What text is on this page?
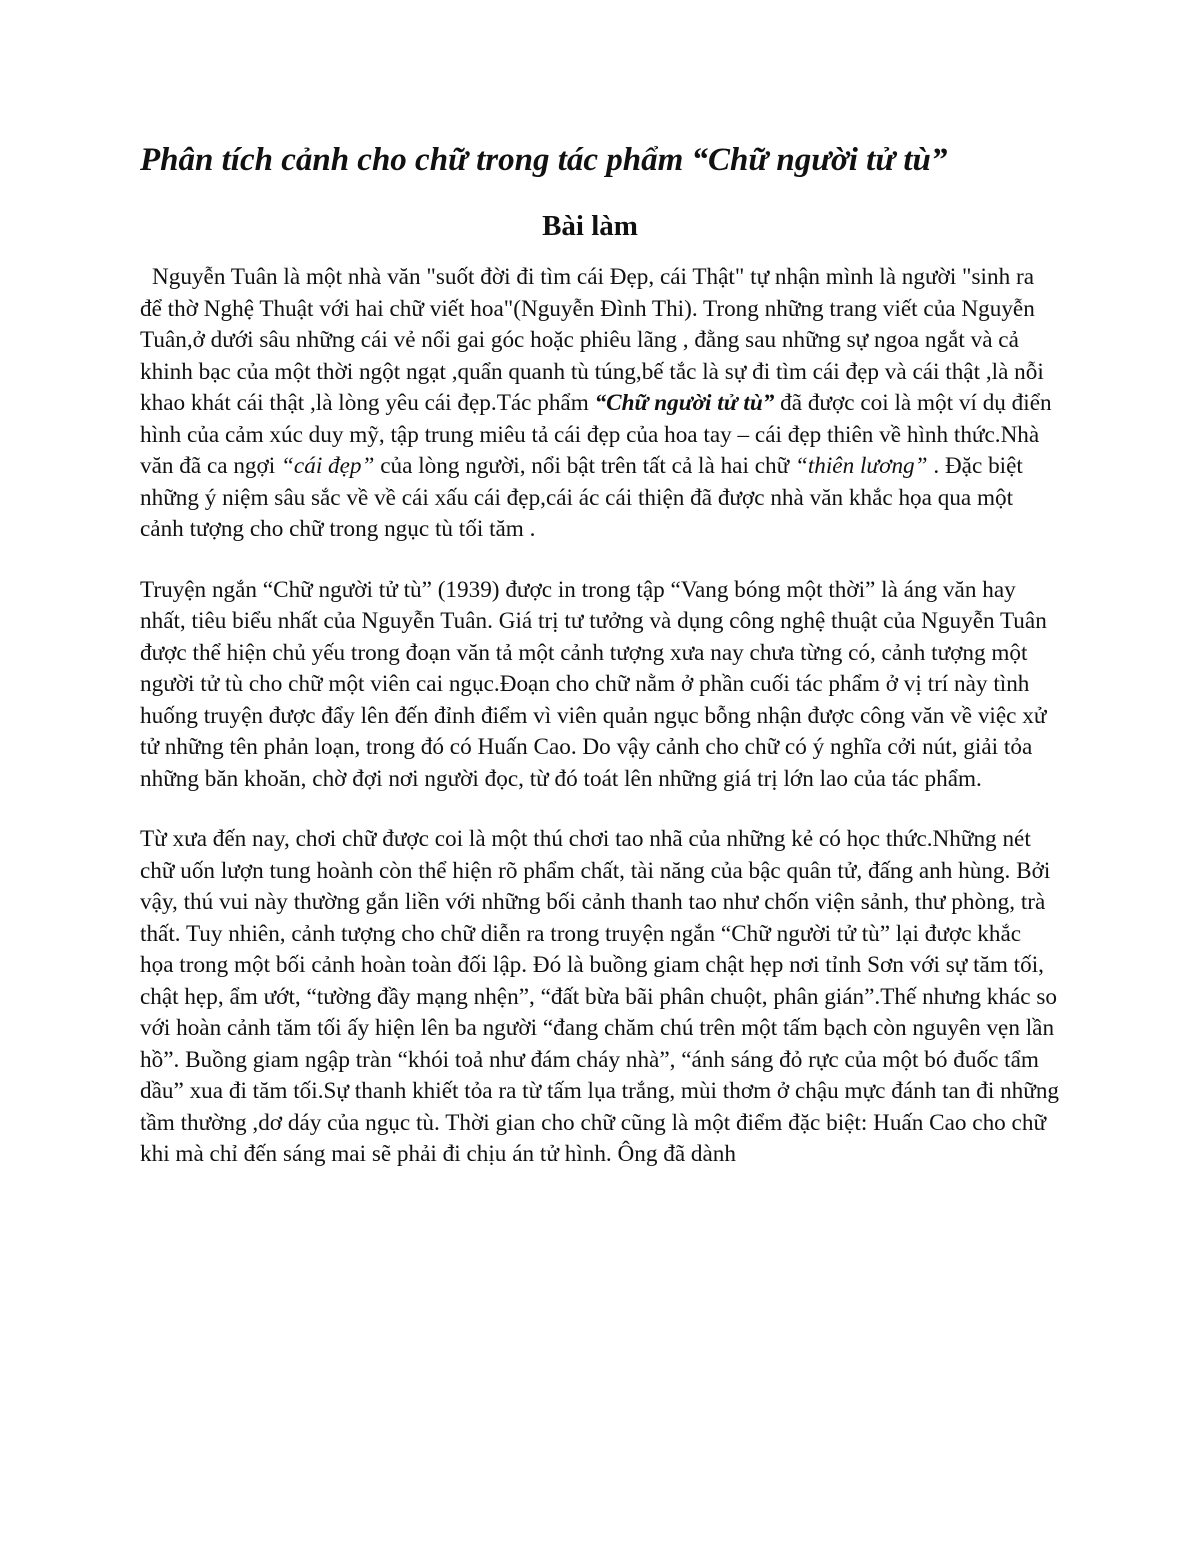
Phân tích cảnh cho chữ trong tác phẩm “Chữ người tử tù”
Bài làm

Nguyễn Tuân là một nhà văn "suốt đời đi tìm cái Đẹp, cái Thật" tự nhận mình là người "sinh ra để thờ Nghệ Thuật với hai chữ viết hoa"(Nguyễn Đình Thi). Trong những trang viết của Nguyễn Tuân,ở dưới sâu những cái vẻ nổi gai góc hoặc phiêu lãng , đằng sau những sự ngoa ngắt và cả khinh bạc của một thời ngột ngạt ,quẩn quanh tù túng,bế tắc là sự đi tìm cái đẹp và cái thật ,là nỗi khao khát cái thật ,là lòng yêu cái đẹp.Tác phẩm “Chữ người tử tù” đã được coi là một ví dụ điển hình của cảm xúc duy mỹ, tập trung miêu tả cái đẹp của hoa tay – cái đẹp thiên về hình thức.Nhà văn đã ca ngợi “cái đẹp” của lòng người, nổi bật trên tất cả là hai chữ “thiên lương” . Đặc biệt những ý niệm sâu sắc về về cái xấu cái đẹp,cái ác cái thiện đã được nhà văn khắc họa qua một cảnh tượng cho chữ trong ngục tù tối tăm .

Truyện ngắn “Chữ người tử tù” (1939) được in trong tập “Vang bóng một thời” là áng văn hay nhất, tiêu biểu nhất của Nguyễn Tuân. Giá trị tư tưởng và dụng công nghệ thuật của Nguyễn Tuân được thể hiện chủ yếu trong đoạn văn tả một cảnh tượng xưa nay chưa từng có, cảnh tượng một người tử tù cho chữ một viên cai ngục.Đoạn cho chữ nằm ở phần cuối tác phẩm ở vị trí này tình huống truyện được đẩy lên đến đỉnh điểm vì viên quản ngục bỗng nhận được công văn về việc xử tử những tên phản loạn, trong đó có Huấn Cao. Do vậy cảnh cho chữ có ý nghĩa cởi nút, giải tỏa những băn khoăn, chờ đợi nơi người đọc, từ đó toát lên những giá trị lớn lao của tác phẩm.

Từ xưa đến nay, chơi chữ được coi là một thú chơi tao nhã của những kẻ có học thức.Những nét chữ uốn lượn tung hoành còn thể hiện rõ phẩm chất, tài năng của bậc quân tử, đấng anh hùng. Bởi vậy, thú vui này thường gắn liền với những bối cảnh thanh tao như chốn viện sảnh, thư phòng, trà thất. Tuy nhiên, cảnh tượng cho chữ diễn ra trong truyện ngắn “Chữ người tử tù” lại được khắc họa trong một bối cảnh hoàn toàn đối lập. Đó là buồng giam chật hẹp nơi tỉnh Sơn với sự tăm tối, chật hẹp, ẩm ướt, “tường đầy mạng nhện”, “đất bừa bãi phân chuột, phân gián”.Thế nhưng khác so với hoàn cảnh tăm tối ấy hiện lên ba người “đang chăm chú trên một tấm bạch còn nguyên vẹn lần hồ”. Buồng giam ngập tràn “khói toả như đám cháy nhà”, “ánh sáng đỏ rực của một bó đuốc tẩm dầu” xua đi tăm tối.Sự thanh khiết tỏa ra từ tấm lụa trắng, mùi thơm ở chậu mực đánh tan đi những tầm thường ,dơ dáy của ngục tù. Thời gian cho chữ cũng là một điểm đặc biệt: Huấn Cao cho chữ khi mà chỉ đến sáng mai sẽ phải đi chịu án tử hình. Ông đã dành
